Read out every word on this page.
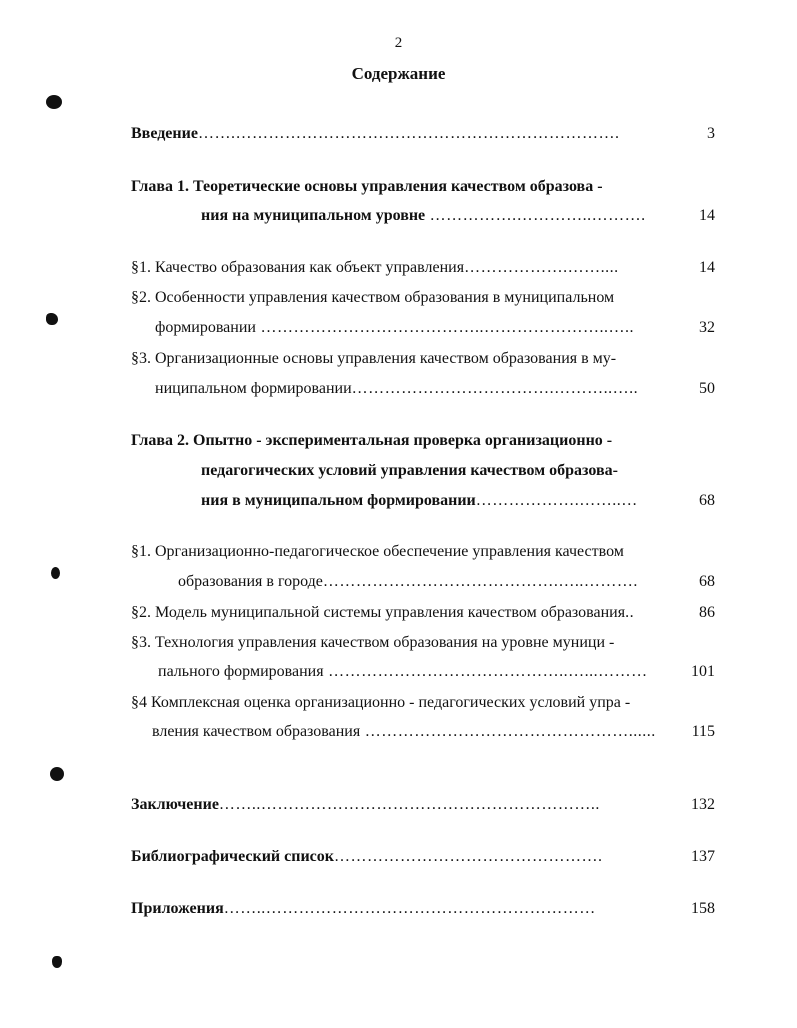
2
Содержание
Введение…….…………………………………………………………….	3
Глава 1. Теоретические основы управления качеством образова -
ния на муниципальном уровне …………….…………..……….	14
§1. Качество образования как объект управления……………….……....	14
§2. Особенности управления качеством образования в муниципальном
формировании …………………………………..…………………..…..	32
§3. Организационные основы управления качеством образования в му-
ниципальном формировании……………………………….………..…..	50
Глава 2. Опытно - экспериментальная проверка организационно -
педагогических условий управления качеством образова-
ния в муниципальном формировании……………….……..…	68
§1. Организационно-педагогическое обеспечение управления качеством
образования в городе…………………………………….…..……….	68
§2. Модель муниципальной системы управления качеством образования..	86
§3. Технология управления качеством образования на уровне муници -
пального формирования ……………………………………..…...………	101
§4 Комплексная оценка организационно - педагогических условий упра -
вления качеством образования …………………………………………...... 115
Заключение……..……………………………………………………..	132
Библиографический список………………………………………….	137
Приложения……..……………………………………………………	158
